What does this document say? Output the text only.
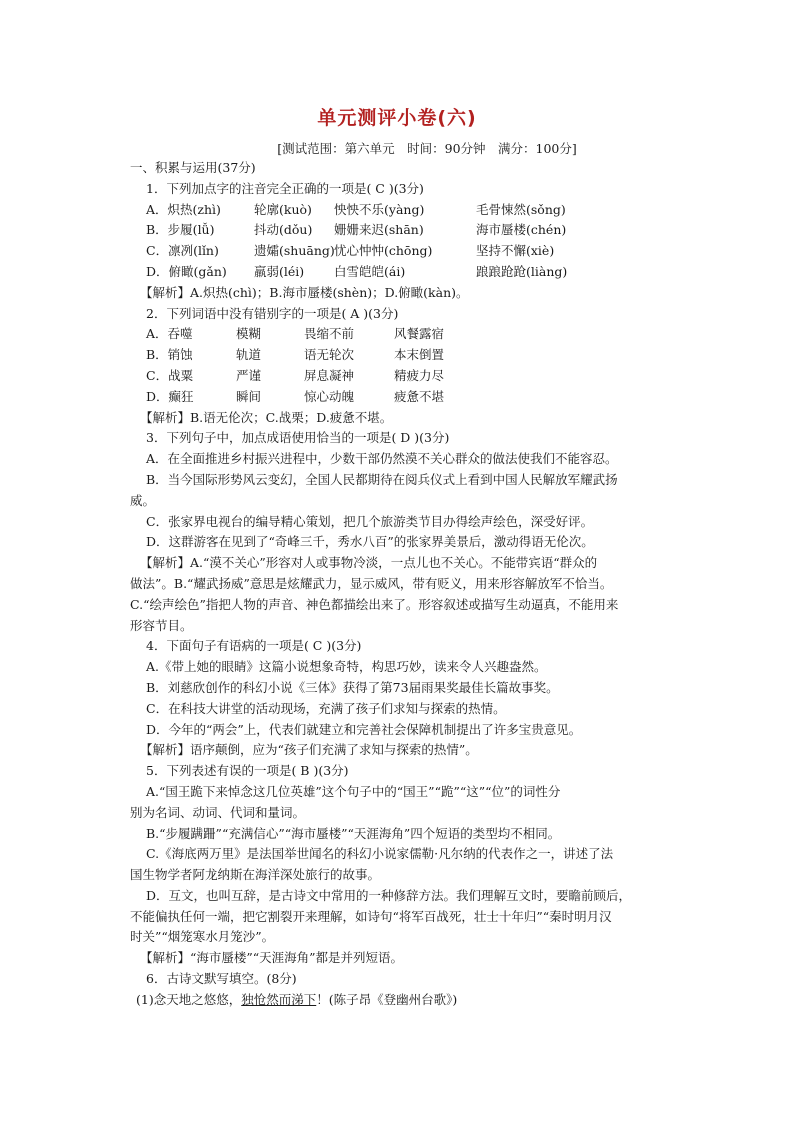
单元测评小卷(六)
[测试范围：第六单元　时间：90分钟　满分：100分]
一、积累与运用(37分)
1．下列加点字的注音完全正确的一项是( C )(3分)
A．炽热(zhì)	轮廓(kuò)	怏怏不乐(yàng)	毛骨悚然(sǒng)
B．步履(lǚ)	抖动(dǒu)	姗姗来迟(shān)	海市蜃楼(chén)
C．凛冽(lǐn)	遗孀(shuāng) 忧心忡忡(chōng)	坚持不懈(xiè)
D．俯瞰(gǎn)	羸弱(léi)	白雪皑皑(ái)	踉踉跄跄(liàng)
【解析】A.炽热(chì)；B.海市蜃楼(shèn)；D.俯瞰(kàn)。
2．下列词语中没有错别字的一项是( A )(3分)
A．吞噬	模糊	畏缩不前	风餐露宿
B．销蚀	轨道	语无轮次	本末倒置
C．战粟	严谨	屏息凝神	精疲力尽
D．癫狂	瞬间	惊心动魄	疲惫不堪
【解析】B.语无伦次；C.战栗；D.疲惫不堪。
3．下列句子中，加点成语使用恰当的一项是( D )(3分)
A．在全面推进乡村振兴进程中，少数干部仍然漠不关心群众的做法使我们不能容忍。
B．当今国际形势风云变幻，全国人民都期待在阅兵仪式上看到中国人民解放军耀武扬
威。
C．张家界电视台的编导精心策划，把几个旅游类节目办得绘声绘色，深受好评。
D．这群游客在见到了“奇峰三千，秀水八百”的张家界美景后，激动得语无伦次。
【解析】A.“漠不关心”形容对人或事物冷淡，一点儿也不关心。不能带宾语“群众的
做法”。B.“耀武扬威”意思是炫耀武力，显示威风，带有贬义，用来形容解放军不恰当。
C.“绘声绘色”指把人物的声音、神色都描绘出来了。形容叙述或描写生动逼真，不能用来
形容节目。
4．下面句子有语病的一项是( C )(3分)
A.《带上她的眼睛》这篇小说想象奇特，构思巧妙，读来令人兴趣盎然。
B．刘慈欣创作的科幻小说《三体》获得了第73届雨果奖最佳长篇故事奖。
C．在科技大讲堂的活动现场，充满了孩子们求知与探索的热情。
D．今年的“两会”上，代表们就建立和完善社会保障机制提出了许多宝贵意见。
【解析】语序颠倒，应为“孩子们充满了求知与探索的热情”。
5．下列表述有误的一项是( B )(3分)
A.“国王跪下来悼念这几位英雄”这个句子中的“国王”“跪”“这”“位”的词性分
别为名词、动词、代词和量词。
B.“步履蹒跚”“充满信心”“海市蜃楼”“天涯海角”四个短语的类型均不相同。
C.《海底两万里》是法国举世闻名的科幻小说家儒勒·凡尔纳的代表作之一，讲述了法
国生物学者阿龙纳斯在海洋深处旅行的故事。
D．互文，也叫互辞，是古诗文中常用的一种修辞方法。我们理解互文时，要瞻前顾后，
不能偏执任何一端，把它割裂开来理解，如诗句“将军百战死，壮士十年归”“秦时明月汉
时关”“烟笼寒水月笼沙”。
【解析】“海市蜃楼”“天涯海角”都是并列短语。
6．古诗文默写填空。(8分)
(1)念天地之悠悠，独怆然而涕下！(陈子昂《登幽州台歌》)
